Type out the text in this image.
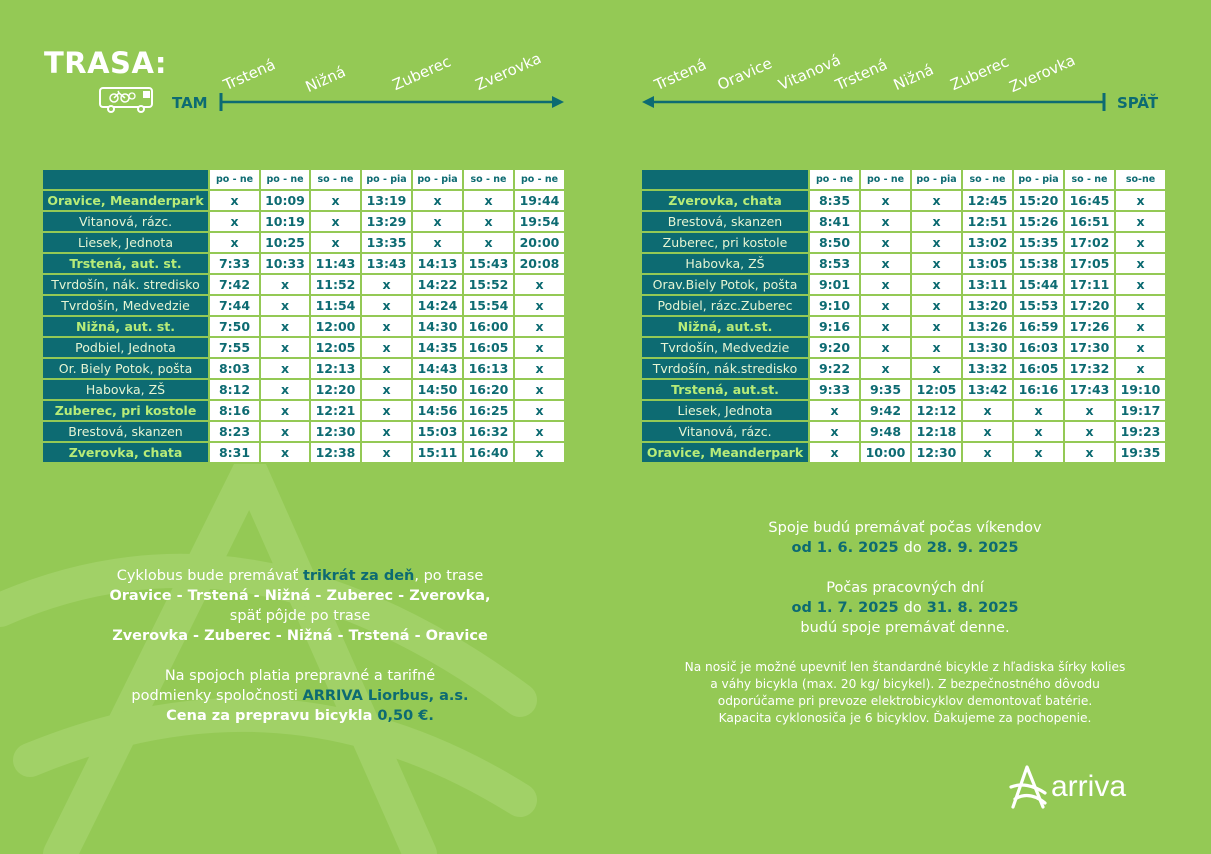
TRASA:
TAM
Trstená Nižná	Zuberec Zverovka
SPÄŤ
Trstená Oravice Vitanová
Trstená Nižná Zuberec
Zverovka
	po - ne	po - ne	so - ne	po - pia	po - pia	so - ne	po - ne
Oravice, Meanderpark	x	10:09	x	13:19	x	x	19:44
Vitanová, rázc.	x	10:19	x	13:29	x	x	19:54
Liesek, Jednota	x	10:25	x	13:35	x	x	20:00
Trstená, aut. st.	7:33	10:33	11:43	13:43	14:13	15:43	20:08
Tvrdošín, nák. stredisko	7:42	x	11:52	x	14:22	15:52	x
Tvrdošín, Medvedzie	7:44	x	11:54	x	14:24	15:54	x
Nižná, aut. st.	7:50	x	12:00	x	14:30	16:00	x
Podbiel, Jednota	7:55	x	12:05	x	14:35	16:05	x
Or. Biely Potok, pošta	8:03	x	12:13	x	14:43	16:13	x
Habovka, ZŠ	8:12	x	12:20	x	14:50	16:20	x
Zuberec, pri kostole	8:16	x	12:21	x	14:56	16:25	x
Brestová, skanzen	8:23	x	12:30	x	15:03	16:32	x
Zverovka, chata	8:31	x	12:38	x	15:11	16:40	x
	po - ne	po - ne	po - pia	so - ne	po - pia	so - ne	so-ne
Zverovka, chata	8:35	x	x	12:45	15:20	16:45	x
Brestová, skanzen	8:41	x	x	12:51	15:26	16:51	x
Zuberec, pri kostole	8:50	x	x	13:02	15:35	17:02	x
Habovka, ZŠ	8:53	x	x	13:05	15:38	17:05	x
Orav.Biely Potok, pošta	9:01	x	x	13:11	15:44	17:11	x
Podbiel, rázc.Zuberec	9:10	x	x	13:20	15:53	17:20	x
Nižná, aut.st.	9:16	x	x	13:26	16:59	17:26	x
Tvrdošín, Medvedzie	9:20	x	x	13:30	16:03	17:30	x
Tvrdošín, nák.stredisko	9:22	x	x	13:32	16:05	17:32	x
Trstená, aut.st.	9:33	9:35	12:05	13:42	16:16	17:43	19:10
Liesek, Jednota	x	9:42	12:12	x	x	x	19:17
Vitanová, rázc.	x	9:48	12:18	x	x	x	19:23
Oravice, Meanderpark	x	10:00	12:30	x	x	x	19:35

Cyklobus bude premávať trikrát za deň, po trase

Oravice - Trstená - Nižná - Zuberec - Zverovka,

späť pôjde po trase

Zverovka - Zuberec - Nižná - Trstená - Oravice

Na spojoch platia prepravné a tarifné

podmienky spoločnosti ARRIVA Liorbus, a.s.

Cena za prepravu bicykla 0,50 €.

Spoje budú premávať počas víkendov

od 1. 6. 2025 do 28. 9. 2025

Počas pracovných dní

od 1. 7. 2025 do 31. 8. 2025

budú spoje premávať denne.

Na nosič je možné upevniť len štandardné bicykle z hľadiska šírky kolies

a váhy bicykla (max. 20 kg/ bicykel). Z bezpečnostného dôvodu

odporúčame pri prevoze elektrobicyklov demontovať batérie.

Kapacita cyklonosiča je 6 bicyklov. Ďakujeme za pochopenie.

arriva
